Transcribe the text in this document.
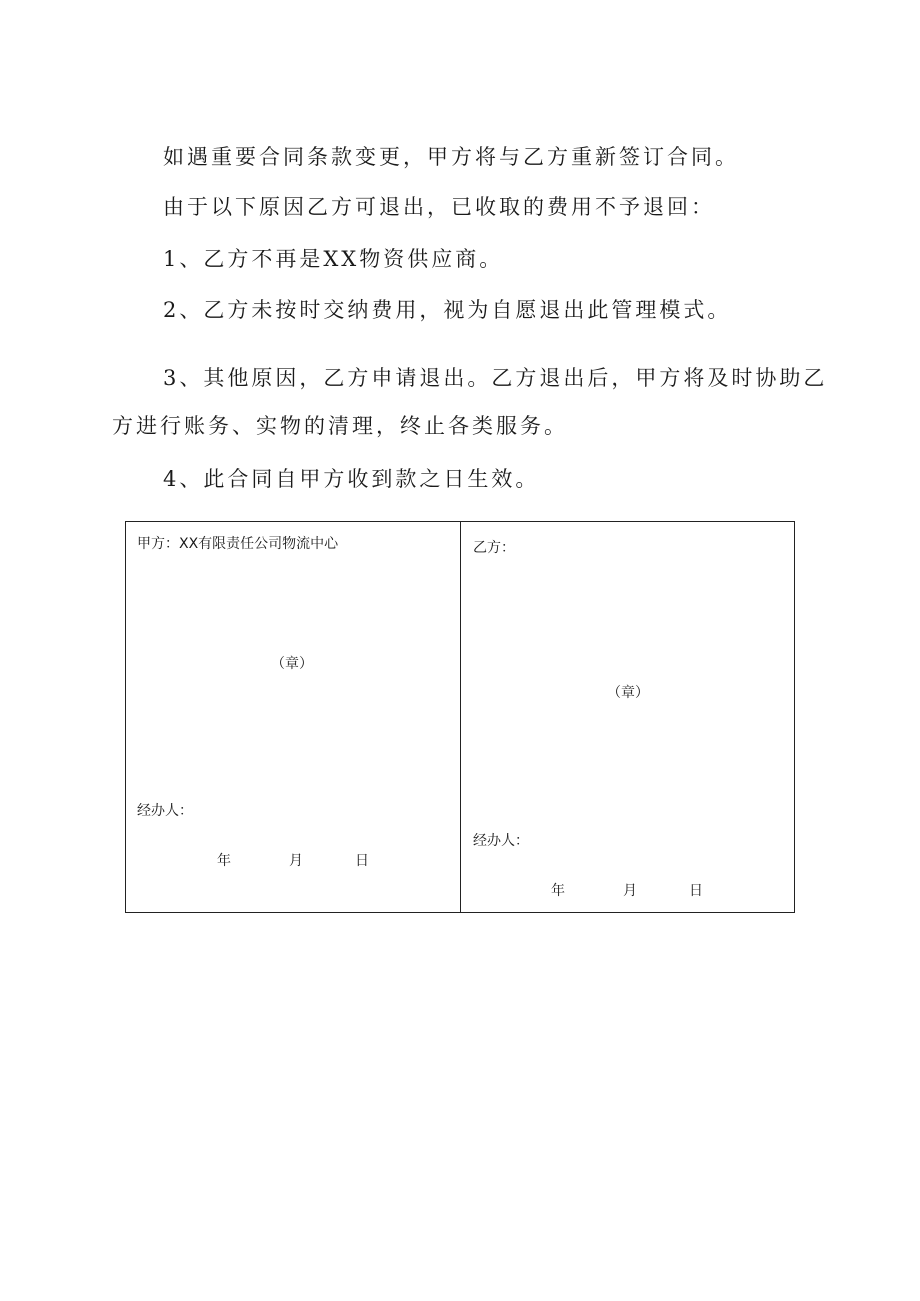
如遇重要合同条款变更，甲方将与乙方重新签订合同。
由于以下原因乙方可退出，已收取的费用不予退回：
1、乙方不再是XX物资供应商。
2、乙方未按时交纳费用，视为自愿退出此管理模式。
3、其他原因，乙方申请退出。乙方退出后，甲方将及时协助乙
方进行账务、实物的清理，终止各类服务。
4、此合同自甲方收到款之日生效。
甲方：XX有限责任公司物流中心
（章）
经办人：
年	月	日
乙方：
（章）
经办人：
年	月	日
